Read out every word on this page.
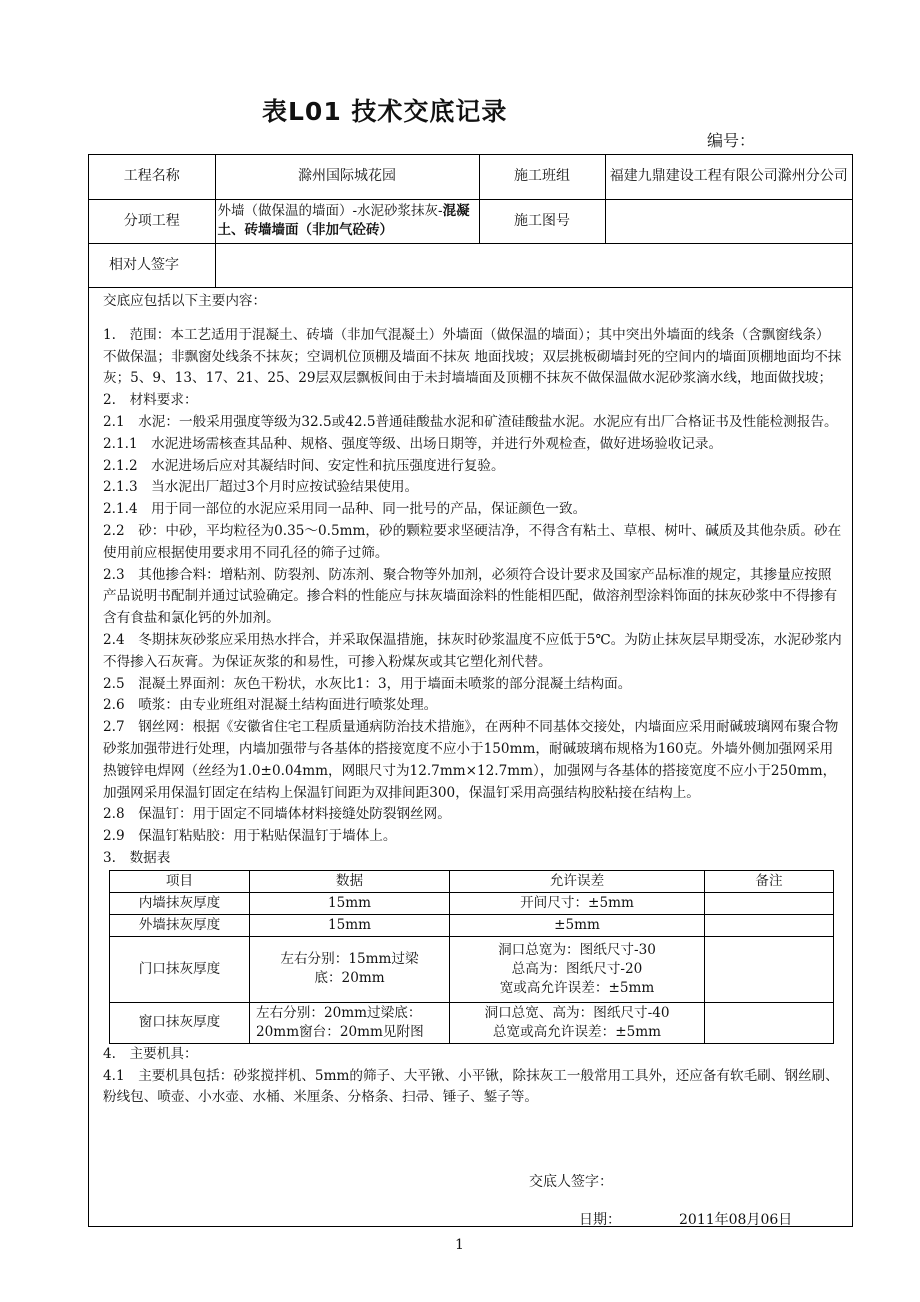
表L01 技术交底记录
编号：
工程名称	滁州国际城花园	施工班组	福建九鼎建设工程有限公司滁州分公司
分项工程	外墙（做保温的墙面）-水泥砂浆抹灰-混凝土、砖墙墙面（非加气砼砖）	施工图号	
相对人签字			

交底应包括以下主要内容：

1.　范围：本工艺适用于混凝土、砖墙（非加气混凝土）外墙面（做保温的墙面）；其中突出外墙面的线条（含飘窗线条）不做保温；非飘窗处线条不抹灰；空调机位顶棚及墙面不抹灰 地面找坡；双层挑板砌墙封死的空间内的墙面顶棚地面均不抹灰；5、9、13、17、21、25、29层双层飘板间由于未封墙墙面及顶棚不抹灰不做保温做水泥砂浆滴水线，地面做找坡；

2.　材料要求：

2.1　水泥：一般采用强度等级为32.5或42.5普通硅酸盐水泥和矿渣硅酸盐水泥。水泥应有出厂合格证书及性能检测报告。

2.1.1　水泥进场需核查其品种、规格、强度等级、出场日期等，并进行外观检查，做好进场验收记录。

2.1.2　水泥进场后应对其凝结时间、安定性和抗压强度进行复验。

2.1.3　当水泥出厂超过3个月时应按试验结果使用。

2.1.4　用于同一部位的水泥应采用同一品种、同一批号的产品，保证颜色一致。

2.2　砂：中砂，平均粒径为0.35～0.5mm，砂的颗粒要求坚硬洁净，不得含有粘土、草根、树叶、碱质及其他杂质。砂在使用前应根据使用要求用不同孔径的筛子过筛。

2.3　其他掺合料：增粘剂、防裂剂、防冻剂、聚合物等外加剂，必须符合设计要求及国家产品标准的规定，其掺量应按照产品说明书配制并通过试验确定。掺合料的性能应与抹灰墙面涂料的性能相匹配，做溶剂型涂料饰面的抹灰砂浆中不得掺有含有食盐和氯化钙的外加剂。

2.4　冬期抹灰砂浆应采用热水拌合，并采取保温措施，抹灰时砂浆温度不应低于5℃。为防止抹灰层早期受冻，水泥砂浆内不得掺入石灰膏。为保证灰浆的和易性，可掺入粉煤灰或其它塑化剂代替。

2.5　混凝土界面剂：灰色干粉状，水灰比1：3，用于墙面未喷浆的部分混凝土结构面。

2.6　喷浆：由专业班组对混凝土结构面进行喷浆处理。

2.7　钢丝网：根据《安徽省住宅工程质量通病防治技术措施》，在两种不同基体交接处，内墙面应采用耐碱玻璃网布聚合物砂浆加强带进行处理，内墙加强带与各基体的搭接宽度不应小于150mm，耐碱玻璃布规格为160克。外墙外侧加强网采用热镀锌电焊网（丝经为1.0±0.04mm，网眼尺寸为12.7mm×12.7mm），加强网与各基体的搭接宽度不应小于250mm，加强网采用保温钉固定在结构上保温钉间距为双排间距300，保温钉采用高强结构胶粘接在结构上。

2.8　保温钉：用于固定不同墙体材料接缝处防裂钢丝网。

2.9　保温钉粘贴胶：用于粘贴保温钉于墙体上。

3.　数据表

项目	数据	允许误差	备注
内墙抹灰厚度	15mm	开间尺寸：±5mm	
外墙抹灰厚度	15mm	±5mm	
门口抹灰厚度	左右分别：15mm过梁底：20mm	洞口总宽为：图纸尺寸-30
总高为：图纸尺寸-20
宽或高允许误差：±5mm	

窗口抹灰厚度	左右分别：20mm过梁底：20mm窗台：20mm见附图	洞口总宽、高为：图纸尺寸-40
总宽或高允许误差：±5mm	

4.　主要机具：

4.1　主要机具包括：砂浆搅拌机、5mm的筛子、大平锹、小平锹，除抹灰工一般常用工具外，还应备有软毛刷、钢丝刷、粉线包、喷壶、小水壶、水桶、米厘条、分格条、扫帚、锤子、錾子等。

交底人签字：
日期：	2011年08月06日
1
